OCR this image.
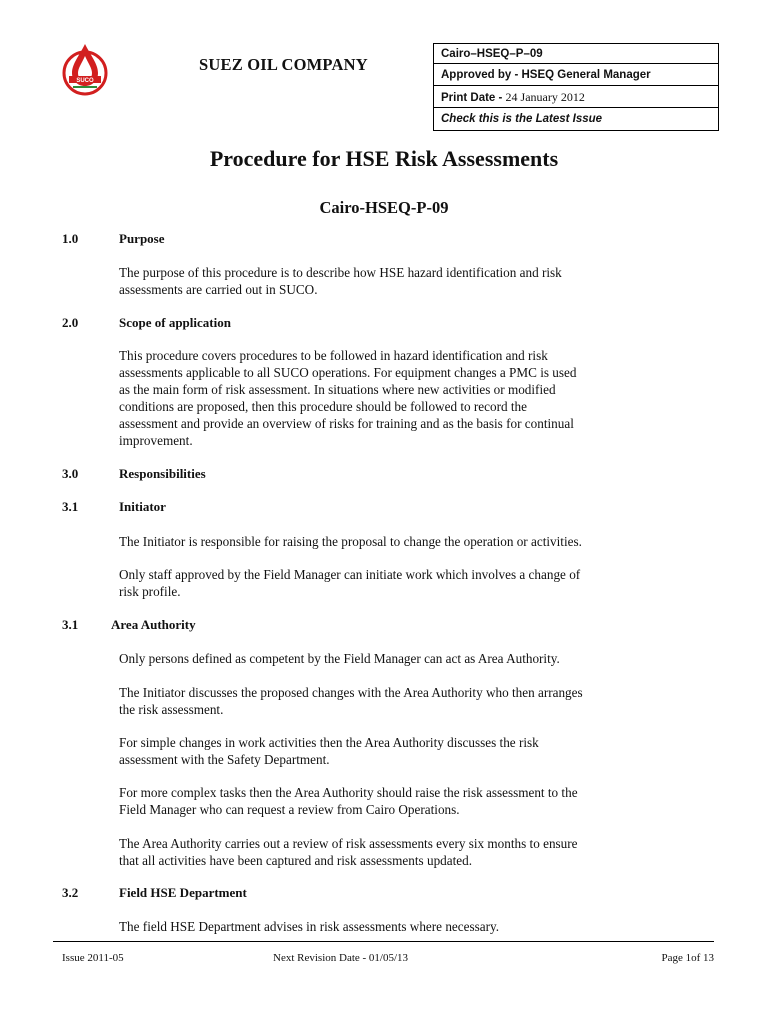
SUCO
SUEZ OIL COMPANY
Cairo–HSEQ–P–09
Approved by - HSEQ General Manager
Print Date - 24 January 2012
Check this is the Latest Issue
Procedure for HSE Risk Assessments
Cairo-HSEQ-P-09
1.0	Purpose
The purpose of this procedure is to describe how HSE hazard identification and risk
assessments are carried out in SUCO.
2.0	Scope of application
This procedure covers procedures to be followed in hazard identification and risk
assessments applicable to all SUCO operations. For equipment changes a PMC is used
as the main form of risk assessment. In situations where new activities or modified
conditions are proposed, then this procedure should be followed to record the
assessment and provide an overview of risks for training and as the basis for continual
improvement.
3.0	Responsibilities
3.1	Initiator
The Initiator is responsible for raising the proposal to change the operation or activities.
Only staff approved by the Field Manager can initiate work which involves a change of
risk profile.
3.1	Area Authority
Only persons defined as competent by the Field Manager can act as Area Authority.
The Initiator discusses the proposed changes with the Area Authority who then arranges
the risk assessment.
For simple changes in work activities then the Area Authority discusses the risk
assessment with the Safety Department.
For more complex tasks then the Area Authority should raise the risk assessment to the
Field Manager who can request a review from Cairo Operations.
The Area Authority carries out a review of risk assessments every six months to ensure
that all activities have been captured and risk assessments updated.
3.2	Field HSE Department
The field HSE Department advises in risk assessments where necessary.
Issue 2011-05	Next Revision Date - 01/05/13	Page 1of 13
